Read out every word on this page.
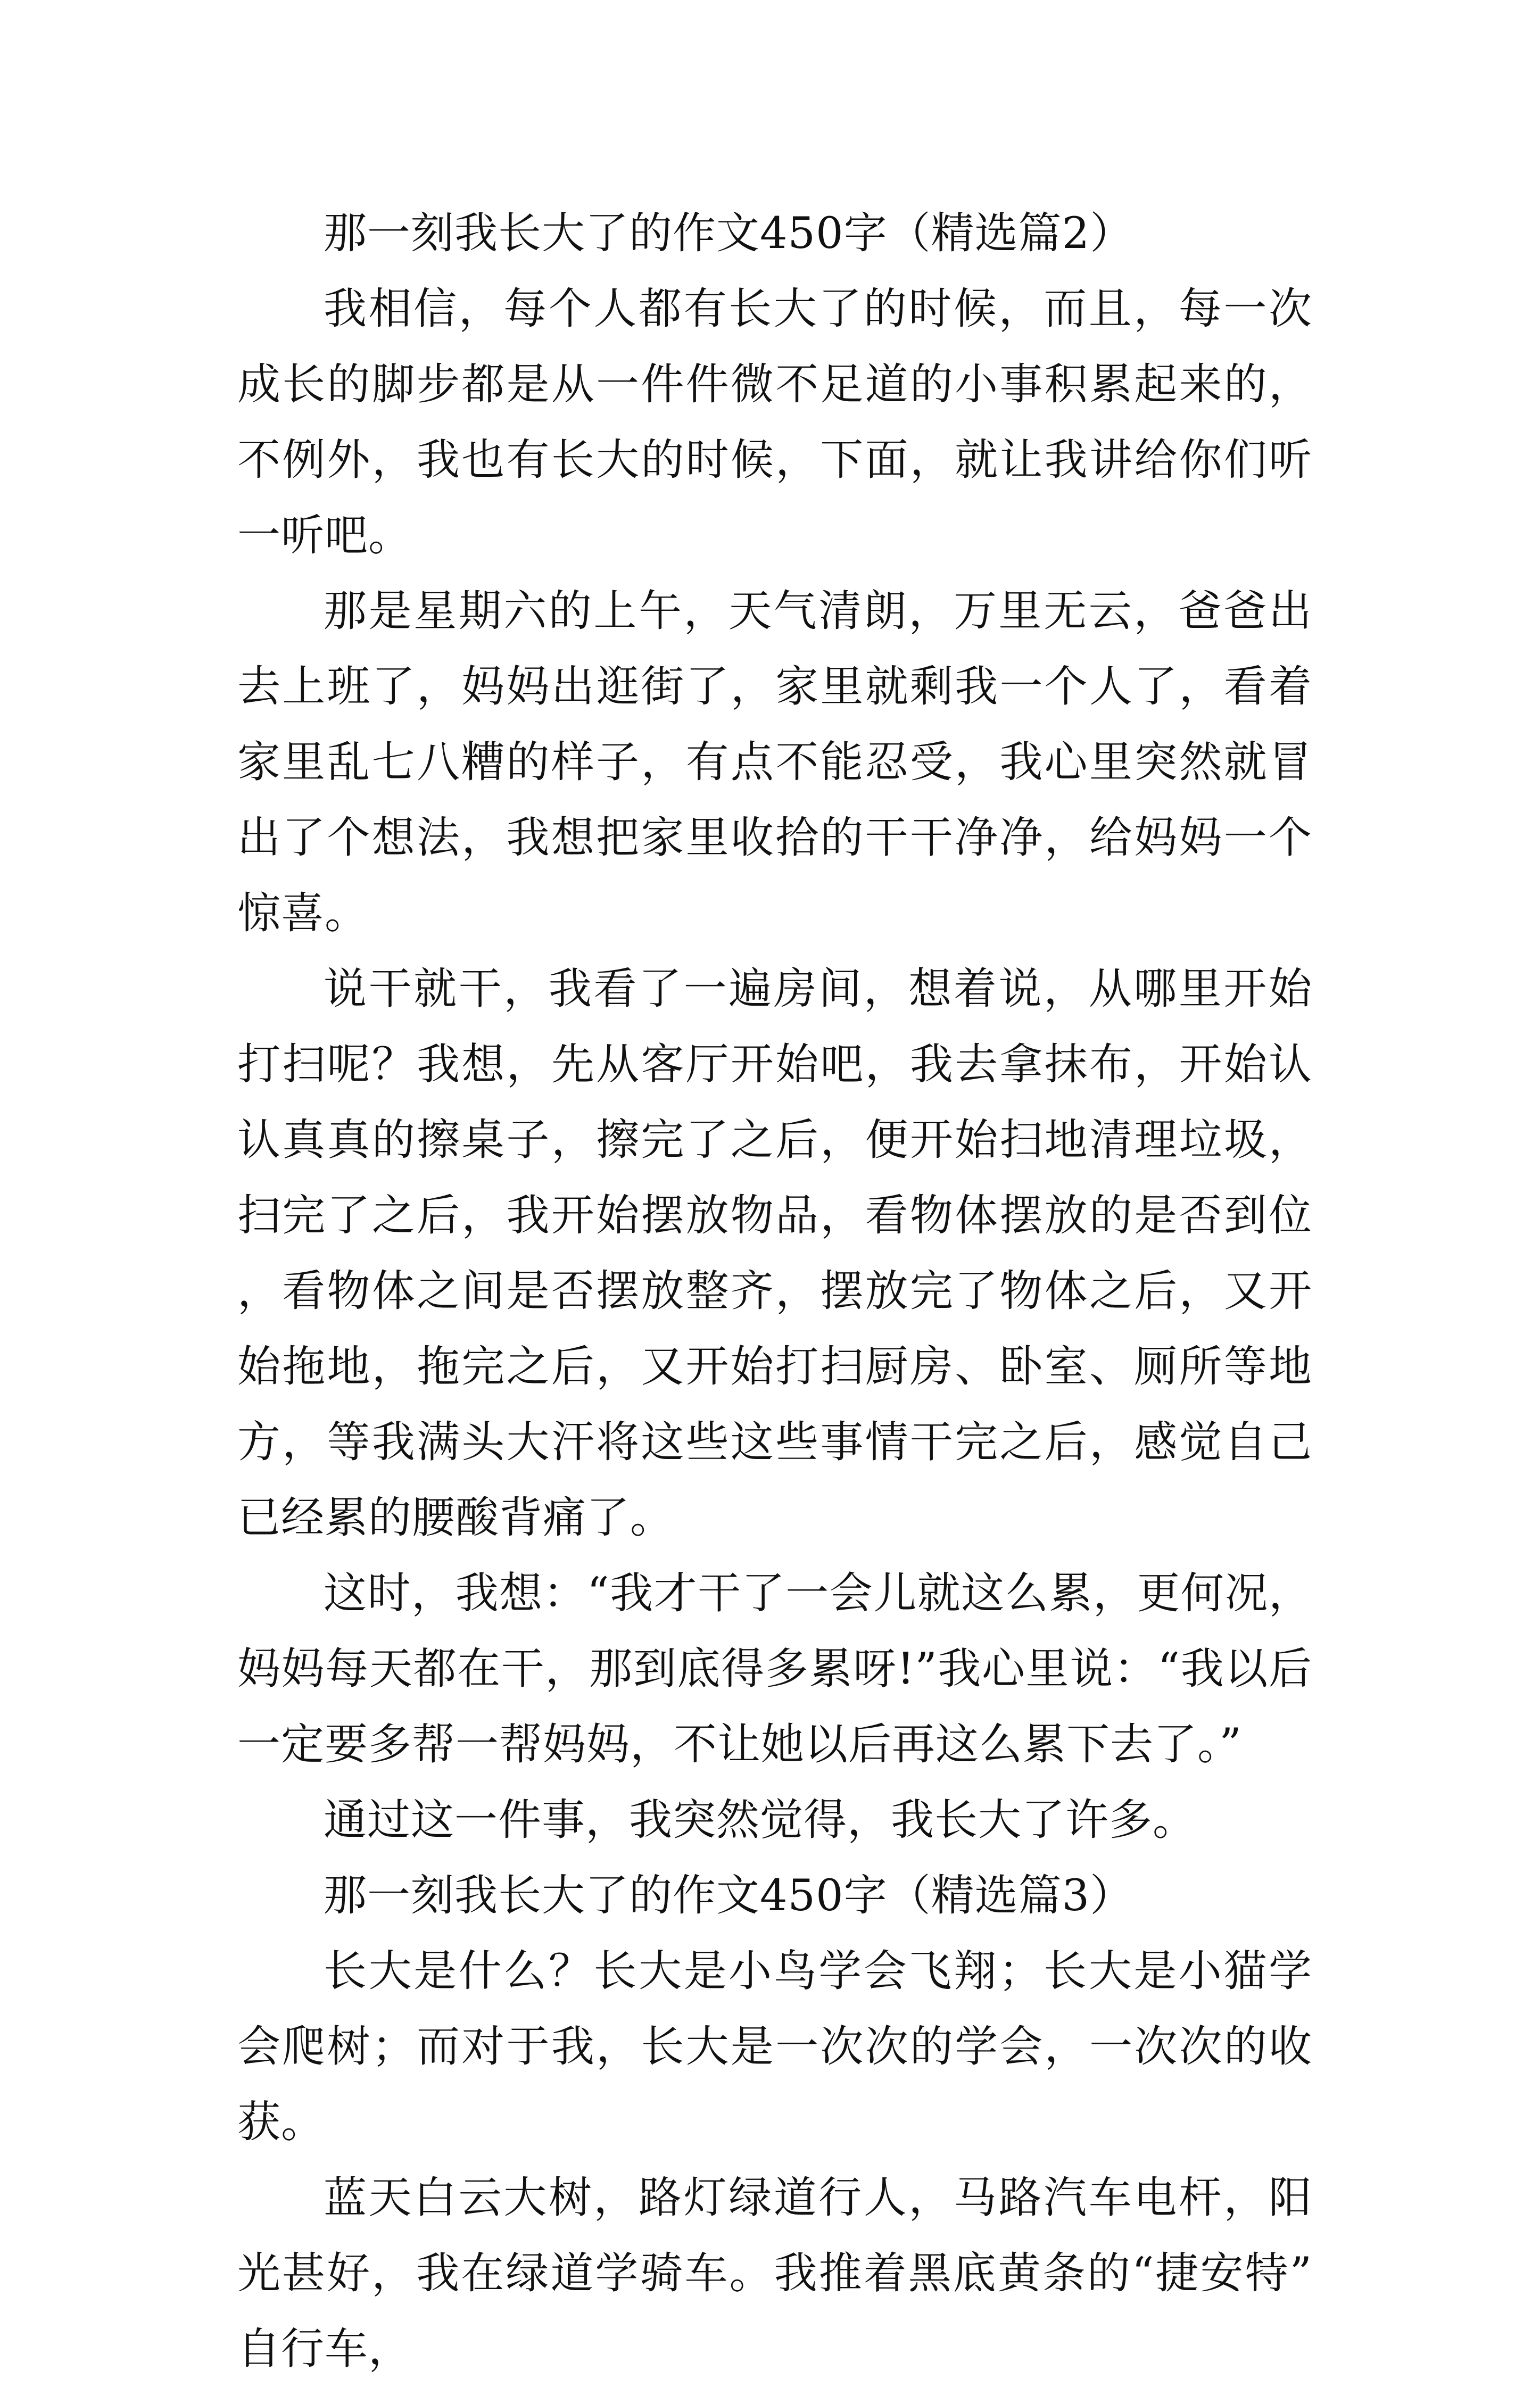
那一刻我长大了的作文450字（精选篇2）

我相信，每个人都有长大了的时候，而且，每一次成长的脚步都是从一件件微不足道的小事积累起来的，不例外，我也有长大的时候，下面，就让我讲给你们听一听吧。

那是星期六的上午，天气清朗，万里无云，爸爸出去上班了，妈妈出逛街了，家里就剩我一个人了，看着家里乱七八糟的样子，有点不能忍受，我心里突然就冒出了个想法，我想把家里收拾的干干净净，给妈妈一个惊喜。

说干就干，我看了一遍房间，想着说，从哪里开始打扫呢？我想，先从客厅开始吧，我去拿抹布，开始认认真真的擦桌子，擦完了之后，便开始扫地清理垃圾，扫完了之后，我开始摆放物品，看物体摆放的是否到位，看物体之间是否摆放整齐，摆放完了物体之后，又开始拖地，拖完之后，又开始打扫厨房、卧室、厕所等地方，等我满头大汗将这些这些事情干完之后，感觉自己已经累的腰酸背痛了。

这时，我想：“我才干了一会儿就这么累，更何况，妈妈每天都在干，那到底得多累呀!”我心里说：“我以后一定要多帮一帮妈妈，不让她以后再这么累下去了。”

通过这一件事，我突然觉得，我长大了许多。

那一刻我长大了的作文450字（精选篇3）

长大是什么？长大是小鸟学会飞翔；长大是小猫学会爬树；而对于我，长大是一次次的学会，一次次的收获。

蓝天白云大树，路灯绿道行人，马路汽车电杆，阳光甚好，我在绿道学骑车。我推着黑底黄条的“捷安特”自行车，
